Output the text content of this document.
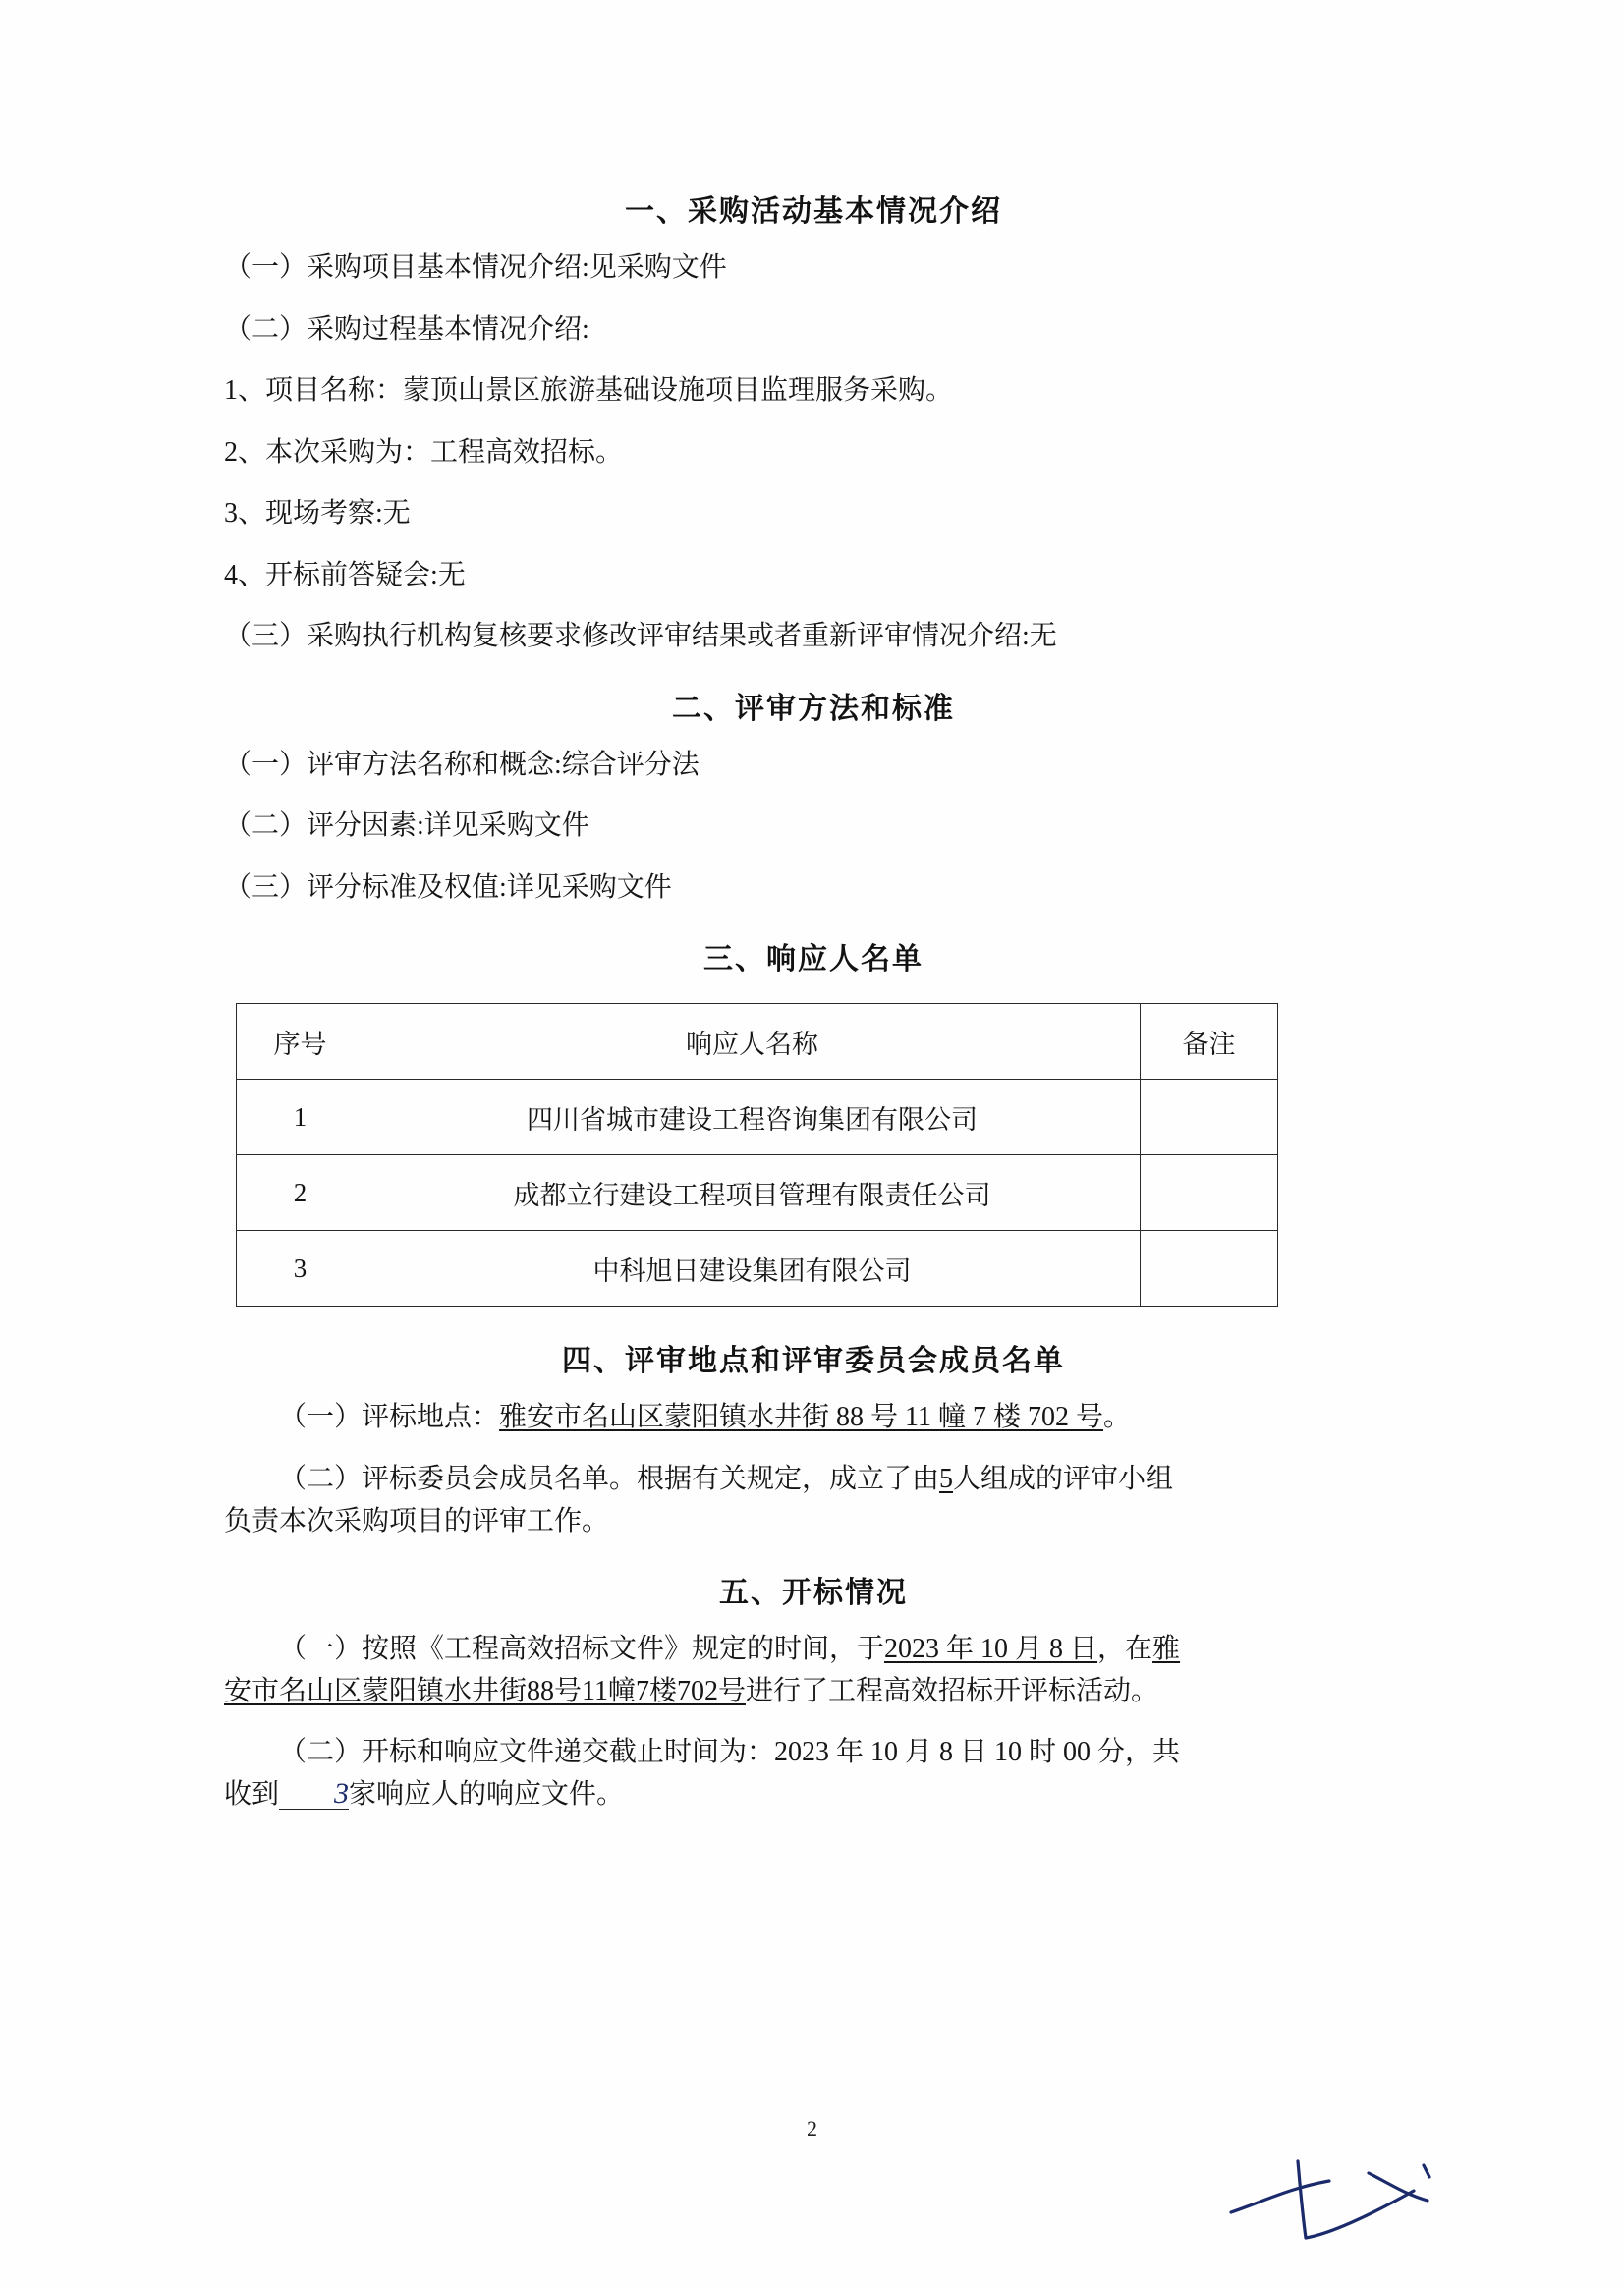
一、采购活动基本情况介绍

（一）采购项目基本情况介绍:见采购文件

（二）采购过程基本情况介绍:

1、项目名称：蒙顶山景区旅游基础设施项目监理服务采购。

2、本次采购为：工程高效招标。

3、现场考察:无

4、开标前答疑会:无

（三）采购执行机构复核要求修改评审结果或者重新评审情况介绍:无

二、评审方法和标准

（一）评审方法名称和概念:综合评分法

（二）评分因素:详见采购文件

（三）评分标准及权值:详见采购文件

三、响应人名单
序号	响应人名称	备注
1	四川省城市建设工程咨询集团有限公司	
2	成都立行建设工程项目管理有限责任公司	
3	中科旭日建设集团有限公司	
四、评审地点和评审委员会成员名单

（一）评标地点：雅安市名山区蒙阳镇水井街 88 号 11 幢 7 楼 702 号。

（二）评标委员会成员名单。根据有关规定，成立了由5人组成的评审小组
负责本次采购项目的评审工作。

五、开标情况

（一）按照《工程高效招标文件》规定的时间，于2023 年 10 月 8 日，在雅
安市名山区蒙阳镇水井街88号11幢7楼702号进行了工程高效招标开评标活动。

（二）开标和响应文件递交截止时间为：2023 年 10 月 8 日 10 时 00 分，共
收到 3家响应人的响应文件。

2
